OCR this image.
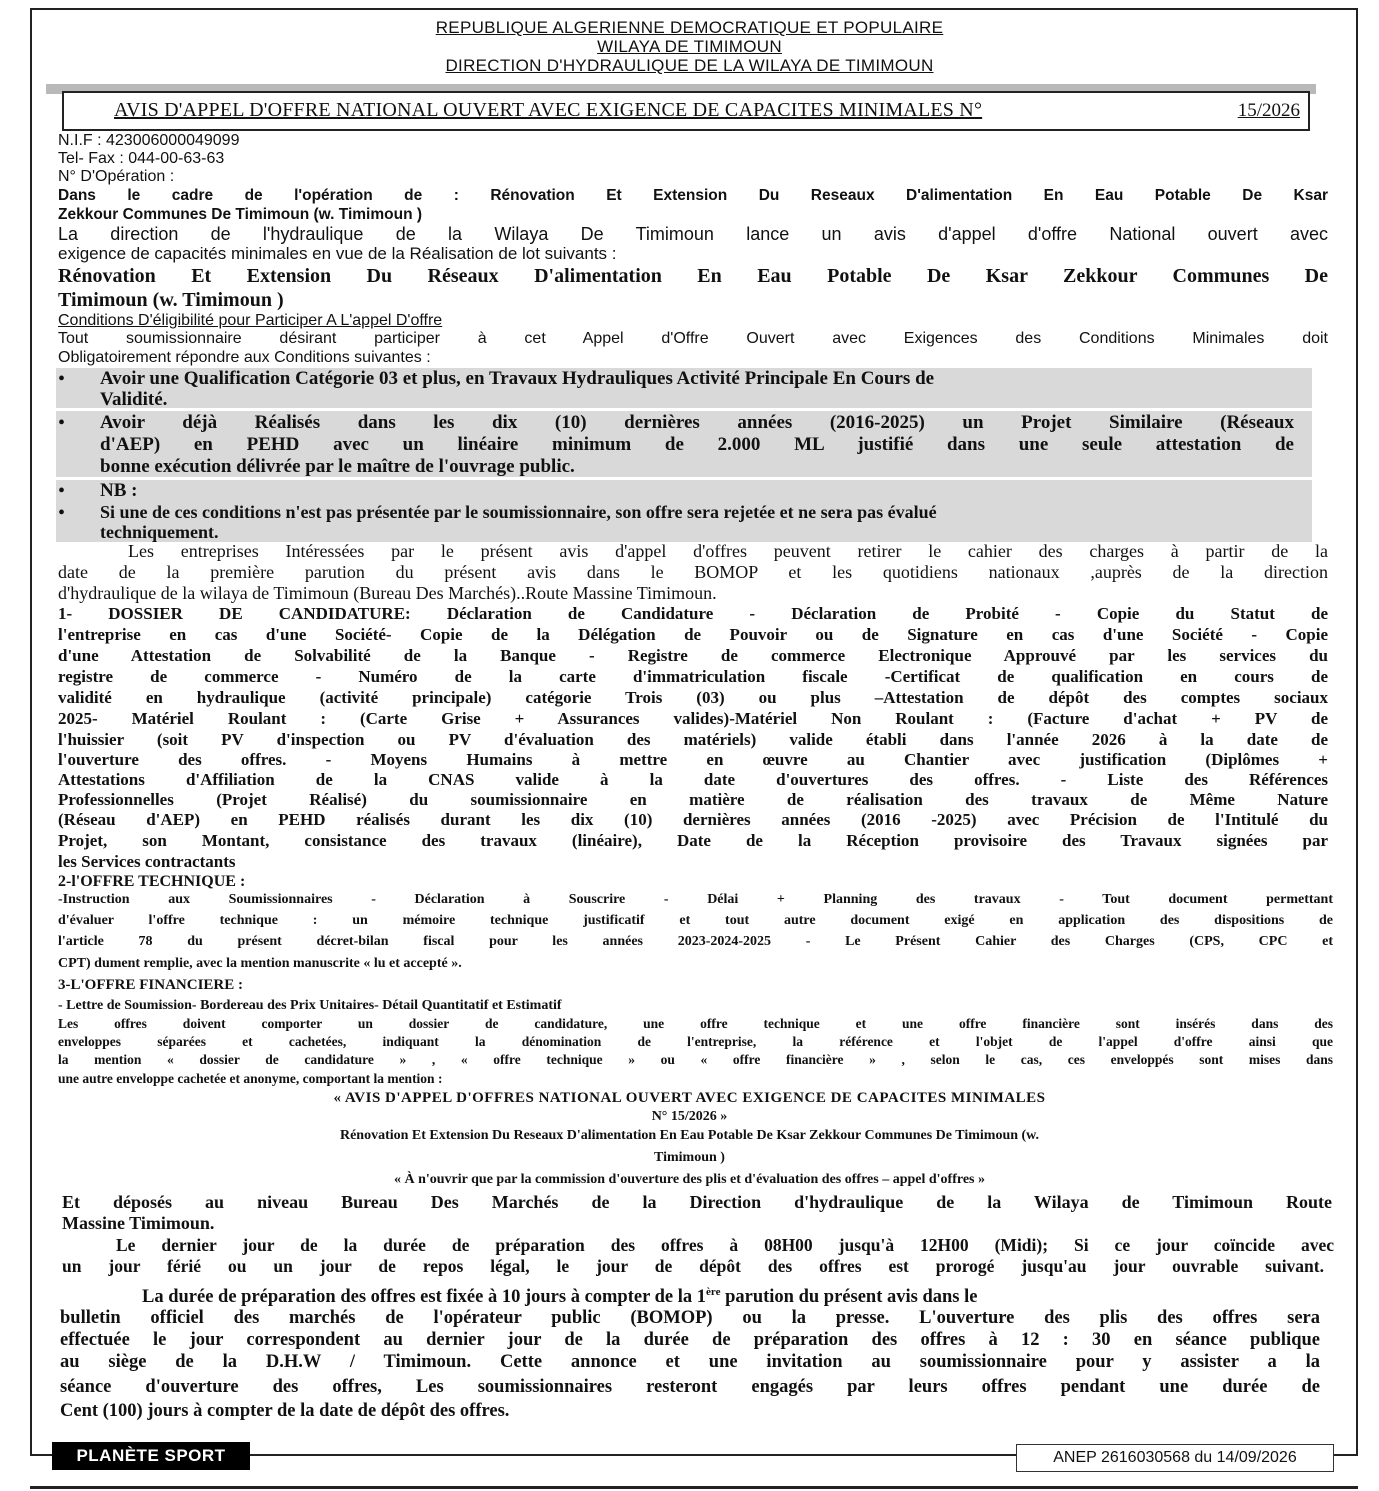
REPUBLIQUE ALGERIENNE DEMOCRATIQUE ET POPULAIRE
WILAYA DE TIMIMOUN
DIRECTION D'HYDRAULIQUE DE LA WILAYA DE TIMIMOUN
AVIS D'APPEL D'OFFRE NATIONAL OUVERT AVEC EXIGENCE DE CAPACITES MINIMALES N°	15/2026
N.I.F : 423006000049099
Tel- Fax : 044-00-63-63
N° D'Opération :
Dans le cadre de l'opération de : Rénovation Et Extension Du Reseaux D'alimentation En Eau Potable De Ksar
Zekkour Communes De Timimoun (w. Timimoun )
La direction de l'hydraulique de la Wilaya De Timimoun lance un avis d'appel d'offre National ouvert avec
exigence de capacités minimales en vue de la Réalisation de lot suivants :
Rénovation Et Extension Du Réseaux D'alimentation En Eau Potable De Ksar Zekkour Communes De
Timimoun (w. Timimoun )
Conditions D'éligibilité pour Participer A L'appel D'offre
Tout soumissionnaire désirant participer à cet Appel d'Offre Ouvert avec Exigences des Conditions Minimales doit
Obligatoirement répondre aux Conditions suivantes :
• Avoir une Qualification Catégorie 03 et plus, en Travaux Hydrauliques Activité Principale En Cours de
Validité.
• Avoir déjà Réalisés dans les dix (10) dernières années (2016-2025) un Projet Similaire (Réseaux
d'AEP) en PEHD avec un linéaire minimum de 2.000 ML justifié dans une seule attestation de
bonne exécution délivrée par le maître de l'ouvrage public.
• NB :
• Si une de ces conditions n'est pas présentée par le soumissionnaire, son offre sera rejetée et ne sera pas évalué
techniquement.
Les entreprises Intéressées par le présent avis d'appel d'offres peuvent retirer le cahier des charges à partir de la
date de la première parution du présent avis dans le BOMOP et les quotidiens nationaux ,auprès de la direction
d'hydraulique de la wilaya de Timimoun (Bureau Des Marchés)..Route Massine Timimoun.
1- DOSSIER DE CANDIDATURE: Déclaration de Candidature - Déclaration de Probité - Copie du Statut de
l'entreprise en cas d'une Société- Copie de la Délégation de Pouvoir ou de Signature en cas d'une Société - Copie
d'une Attestation de Solvabilité de la Banque - Registre de commerce Electronique Approuvé par les services du
registre de commerce - Numéro de la carte d'immatriculation fiscale -Certificat de qualification en cours de
validité en hydraulique (activité principale) catégorie Trois (03) ou plus –Attestation de dépôt des comptes sociaux
2025- Matériel Roulant : (Carte Grise + Assurances valides)-Matériel Non Roulant : (Facture d'achat + PV de
l'huissier (soit PV d'inspection ou PV d'évaluation des matériels) valide établi dans l'année 2026 à la date de
l'ouverture des offres. - Moyens Humains à mettre en œuvre au Chantier avec justification (Diplômes +
Attestations d'Affiliation de la CNAS valide à la date d'ouvertures des offres. - Liste des Références
Professionnelles (Projet Réalisé) du soumissionnaire en matière de réalisation des travaux de Même Nature
(Réseau d'AEP) en PEHD réalisés durant les dix (10) dernières années (2016 -2025) avec Précision de l'Intitulé du
Projet, son Montant, consistance des travaux (linéaire), Date de la Réception provisoire des Travaux signées par
les Services contractants
2-l'OFFRE TECHNIQUE :
-Instruction aux Soumissionnaires - Déclaration à Souscrire - Délai + Planning des travaux - Tout document permettant
d'évaluer l'offre technique : un mémoire technique justificatif et tout autre document exigé en application des dispositions de
l'article 78 du présent décret-bilan fiscal pour les années 2023-2024-2025 - Le Présent Cahier des Charges (CPS, CPC et
CPT) dument remplie, avec la mention manuscrite « lu et accepté ».
3-L'OFFRE FINANCIERE :
- Lettre de Soumission- Bordereau des Prix Unitaires- Détail Quantitatif et Estimatif
Les offres doivent comporter un dossier de candidature, une offre technique et une offre financière sont insérés dans des
enveloppes séparées et cachetées, indiquant la dénomination de l'entreprise, la référence et l'objet de l'appel d'offre ainsi que
la mention « dossier de candidature » , « offre technique » ou « offre financière » , selon le cas, ces enveloppés sont mises dans
une autre enveloppe cachetée et anonyme, comportant la mention :
« AVIS D'APPEL D'OFFRES NATIONAL OUVERT AVEC EXIGENCE DE CAPACITES MINIMALES
N° 15/2026 »
Rénovation Et Extension Du Reseaux D'alimentation En Eau Potable De Ksar Zekkour Communes De Timimoun (w.
Timimoun )
« À n'ouvrir que par la commission d'ouverture des plis et d'évaluation des offres – appel d'offres »
Et déposés au niveau Bureau Des Marchés de la Direction d'hydraulique de la Wilaya de Timimoun Route
Massine Timimoun.
Le dernier jour de la durée de préparation des offres à 08H00 jusqu'à 12H00 (Midi); Si ce jour coïncide avec
un jour férié ou un jour de repos légal, le jour de dépôt des offres est prorogé jusqu'au jour ouvrable suivant.
La durée de préparation des offres est fixée à 10 jours à compter de la 1ère parution du présent avis dans le
bulletin officiel des marchés de l'opérateur public (BOMOP) ou la presse. L'ouverture des plis des offres sera
effectuée le jour correspondent au dernier jour de la durée de préparation des offres à 12 : 30 en séance publique
au siège de la D.H.W / Timimoun. Cette annonce et une invitation au soumissionnaire pour y assister a la
séance d'ouverture des offres, Les soumissionnaires resteront engagés par leurs offres pendant une durée de
Cent (100) jours à compter de la date de dépôt des offres.
PLANÈTE SPORT	ANEP 2616030568 du 14/09/2026
